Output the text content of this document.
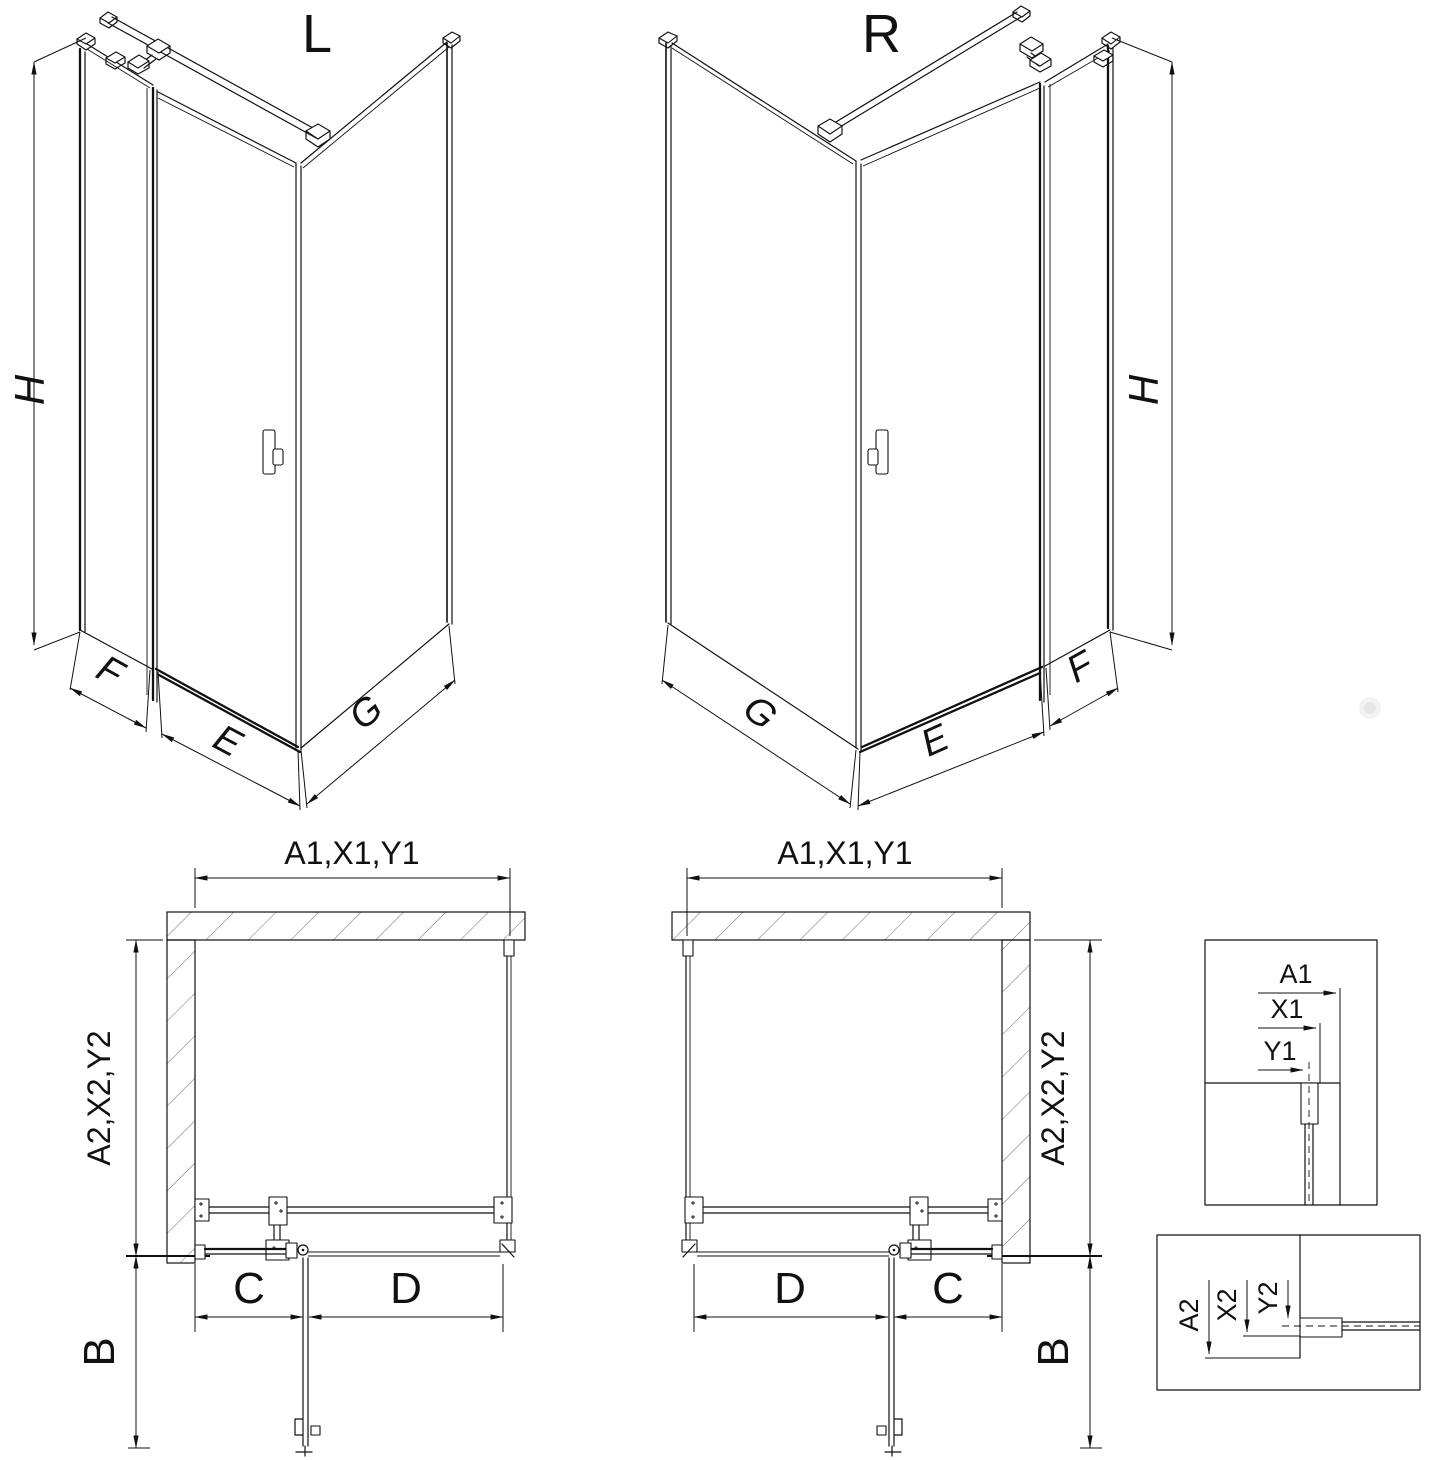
L
H
F
E
G
R
H
G
E
F
A1,X1,Y1
A2,X2,Y2
C	D
B
A1,X1,Y1
A2,X2,Y2
C
D
B
A1
X1
Y1
A2 X2 Y2
